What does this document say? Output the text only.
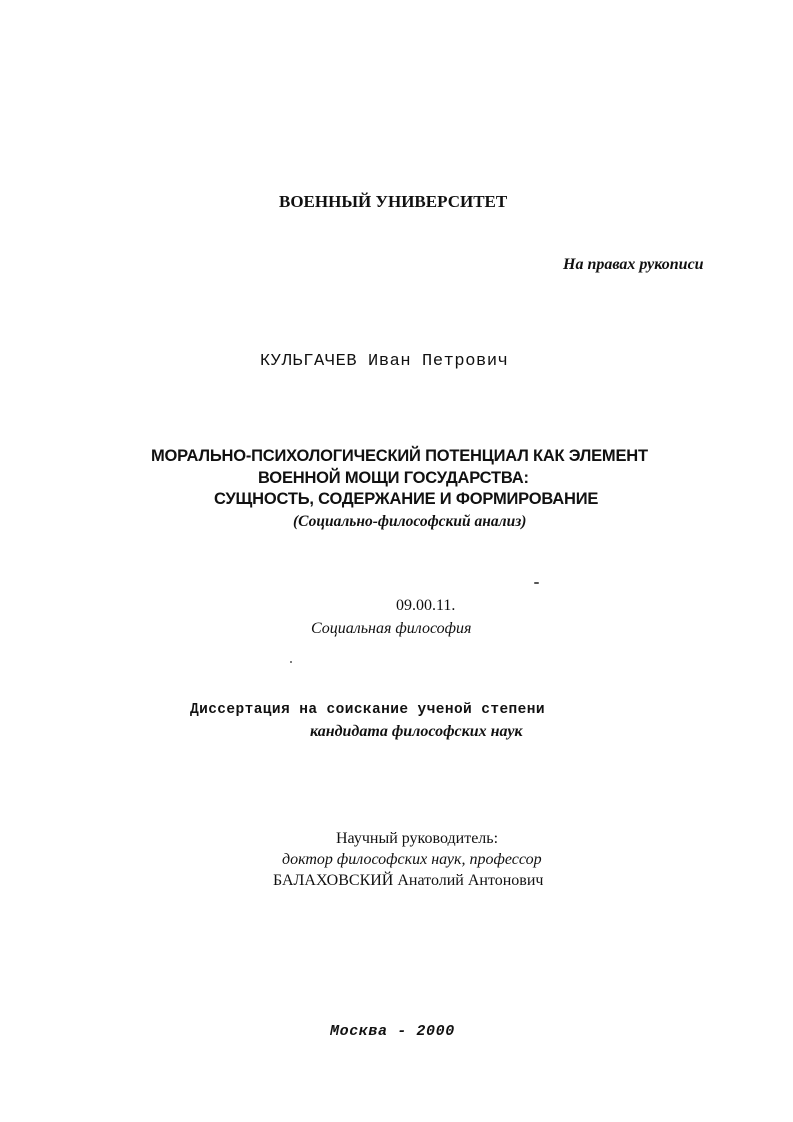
ВОЕННЫЙ УНИВЕРСИТЕТ
На правах рукописи
КУЛЬГАЧЕВ Иван Петрович
МОРАЛЬНО-ПСИХОЛОГИЧЕСКИЙ ПОТЕНЦИАЛ КАК ЭЛЕМЕНТ
ВОЕННОЙ МОЩИ ГОСУДАРСТВА:
СУЩНОСТЬ, СОДЕРЖАНИЕ И ФОРМИРОВАНИЕ
(Социально-философский анализ)
09.00.11.
Социальная философия
Диссертация на соискание ученой степени
кандидата философских наук
Научный руководитель:
доктор философских наук, профессор
БАЛАХОВСКИЙ Анатолий Антонович
Москва - 2000
